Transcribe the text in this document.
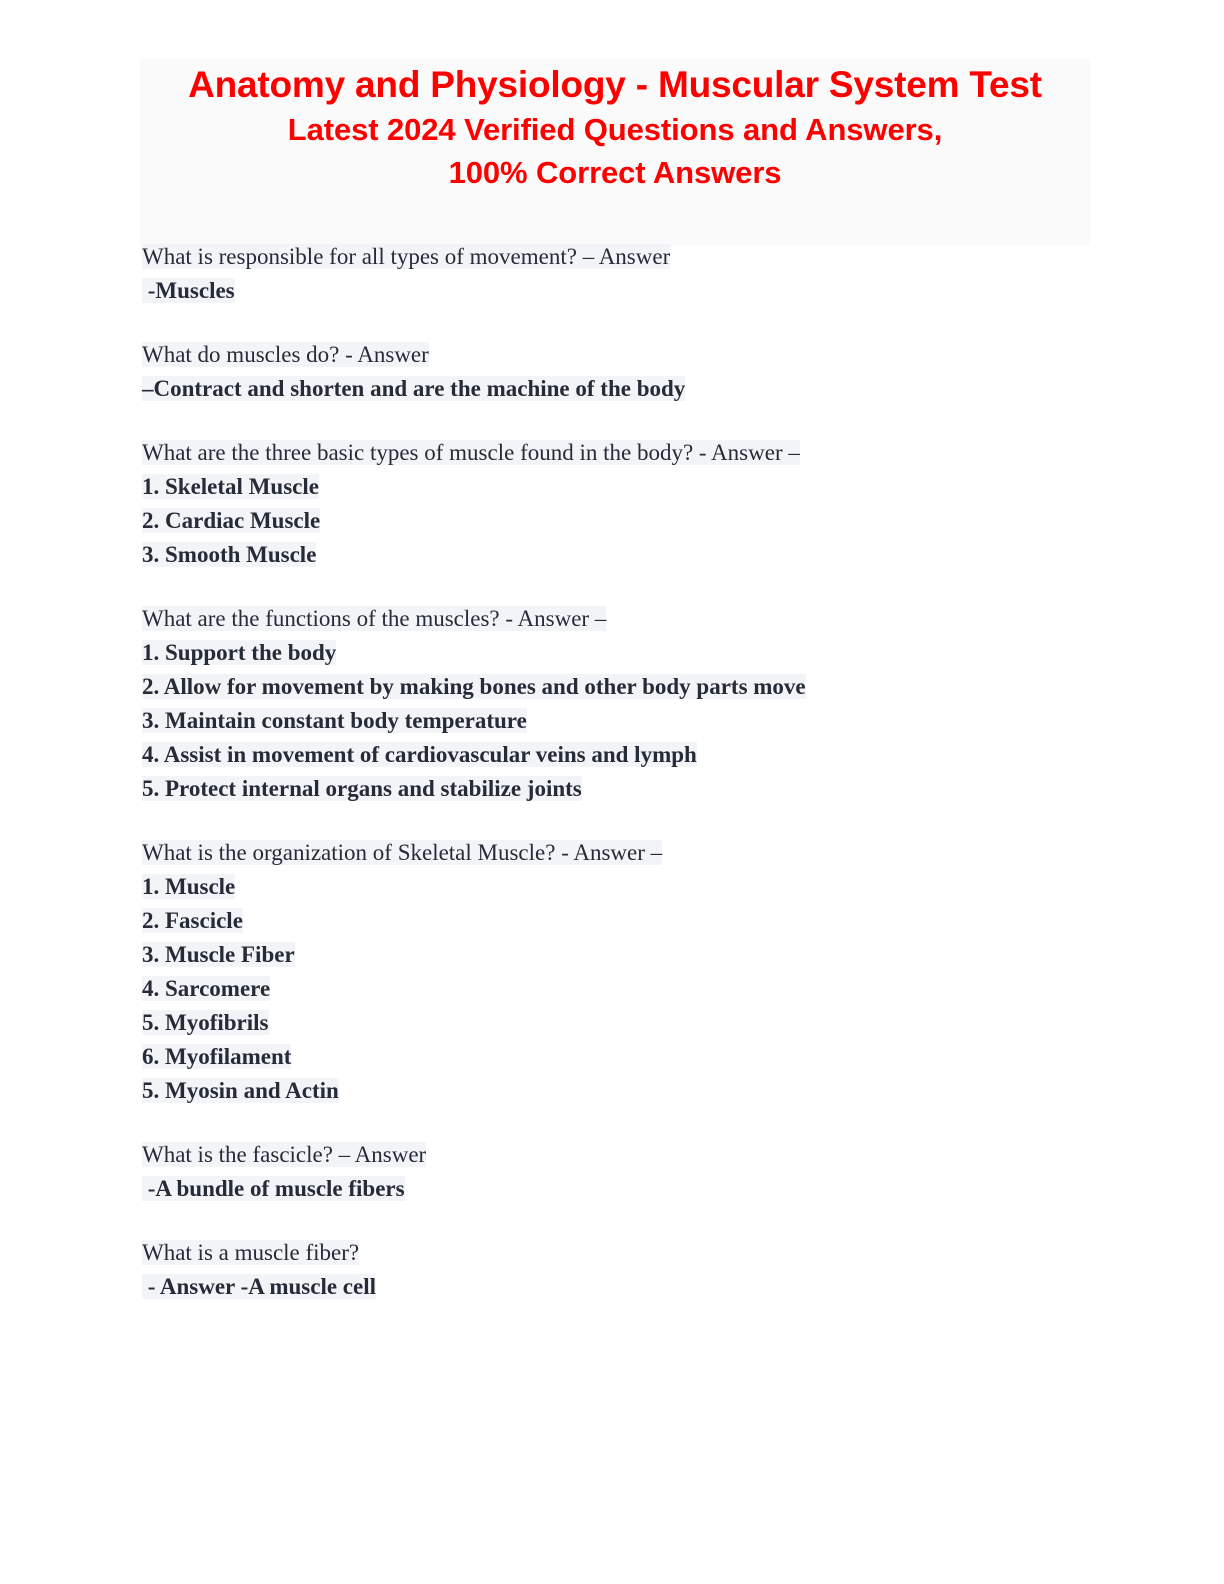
Anatomy and Physiology - Muscular System Test
Latest 2024 Verified Questions and Answers,
100% Correct Answers
What is responsible for all types of movement? – Answer
-Muscles
What do muscles do? - Answer
–Contract and shorten and are the machine of the body
What are the three basic types of muscle found in the body? - Answer –
1. Skeletal Muscle
2. Cardiac Muscle
3. Smooth Muscle
What are the functions of the muscles? - Answer –
1. Support the body
2. Allow for movement by making bones and other body parts move
3. Maintain constant body temperature
4. Assist in movement of cardiovascular veins and lymph
5. Protect internal organs and stabilize joints
What is the organization of Skeletal Muscle? - Answer –
1. Muscle
2. Fascicle
3. Muscle Fiber
4. Sarcomere
5. Myofibrils
6. Myofilament
5. Myosin and Actin
What is the fascicle? – Answer
-A bundle of muscle fibers
What is a muscle fiber?
- Answer -A muscle cell
